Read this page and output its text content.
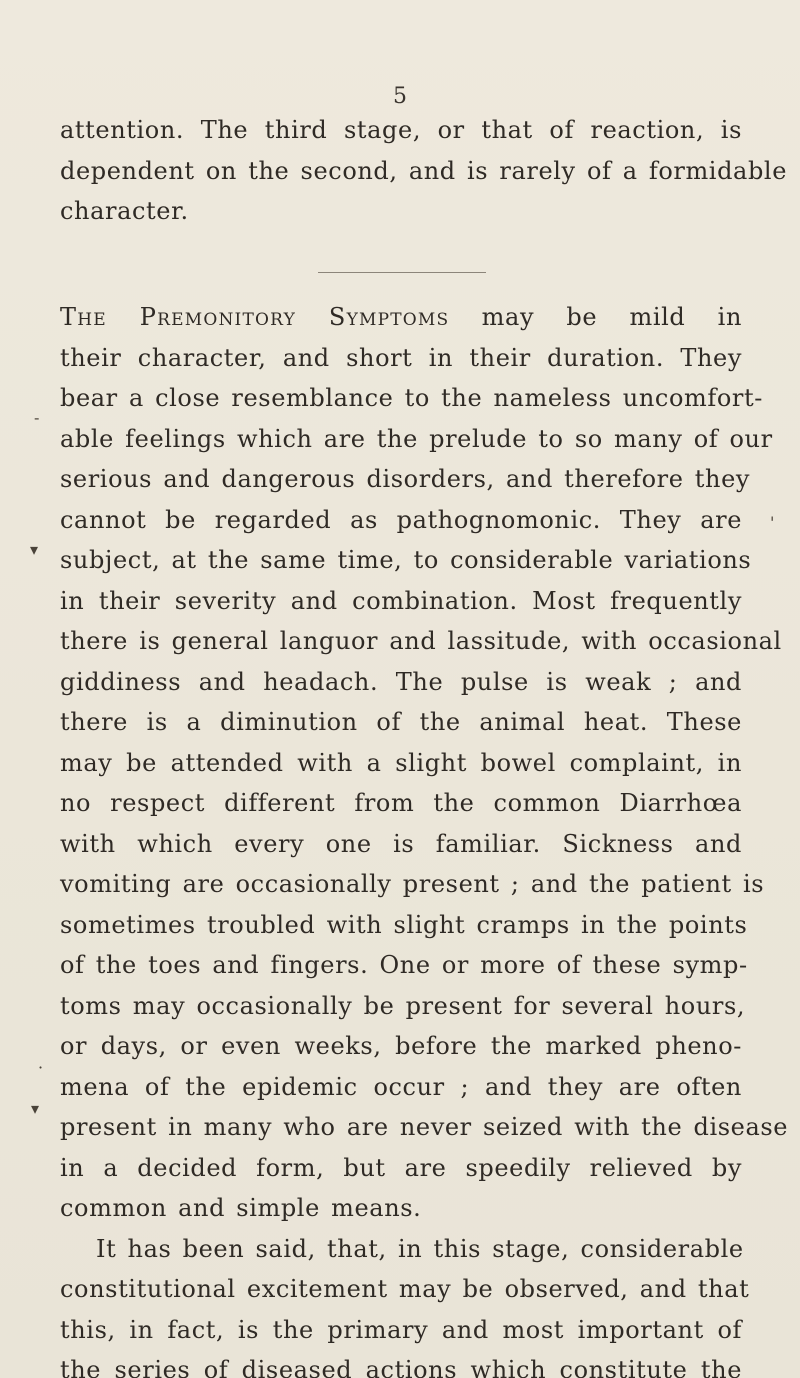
5
attention. The third stage, or that of reaction, is
dependent on the second, and is rarely of a formidable
character.
The Premonitory Symptoms may be mild in
their character, and short in their duration. They
bear a close resemblance to the nameless uncomfort-
able feelings which are the prelude to so many of our
serious and dangerous disorders, and therefore they
cannot be regarded as pathognomonic. They are
subject, at the same time, to considerable variations
in their severity and combination. Most frequently
there is general languor and lassitude, with occasional
giddiness and headach. The pulse is weak ; and
there is a diminution of the animal heat. These
may be attended with a slight bowel complaint, in
no respect different from the common Diarrhœa
with which every one is familiar. Sickness and
vomiting are occasionally present ; and the patient is
sometimes troubled with slight cramps in the points
of the toes and fingers. One or more of these symp-
toms may occasionally be present for several hours,
or days, or even weeks, before the marked pheno-
mena of the epidemic occur ; and they are often
present in many who are never seized with the disease
in a decided form, but are speedily relieved by
common and simple means.
It has been said, that, in this stage, considerable
constitutional excitement may be observed, and that
this, in fact, is the primary and most important of
the series of diseased actions which constitute the
▾
▾
-
·
'
